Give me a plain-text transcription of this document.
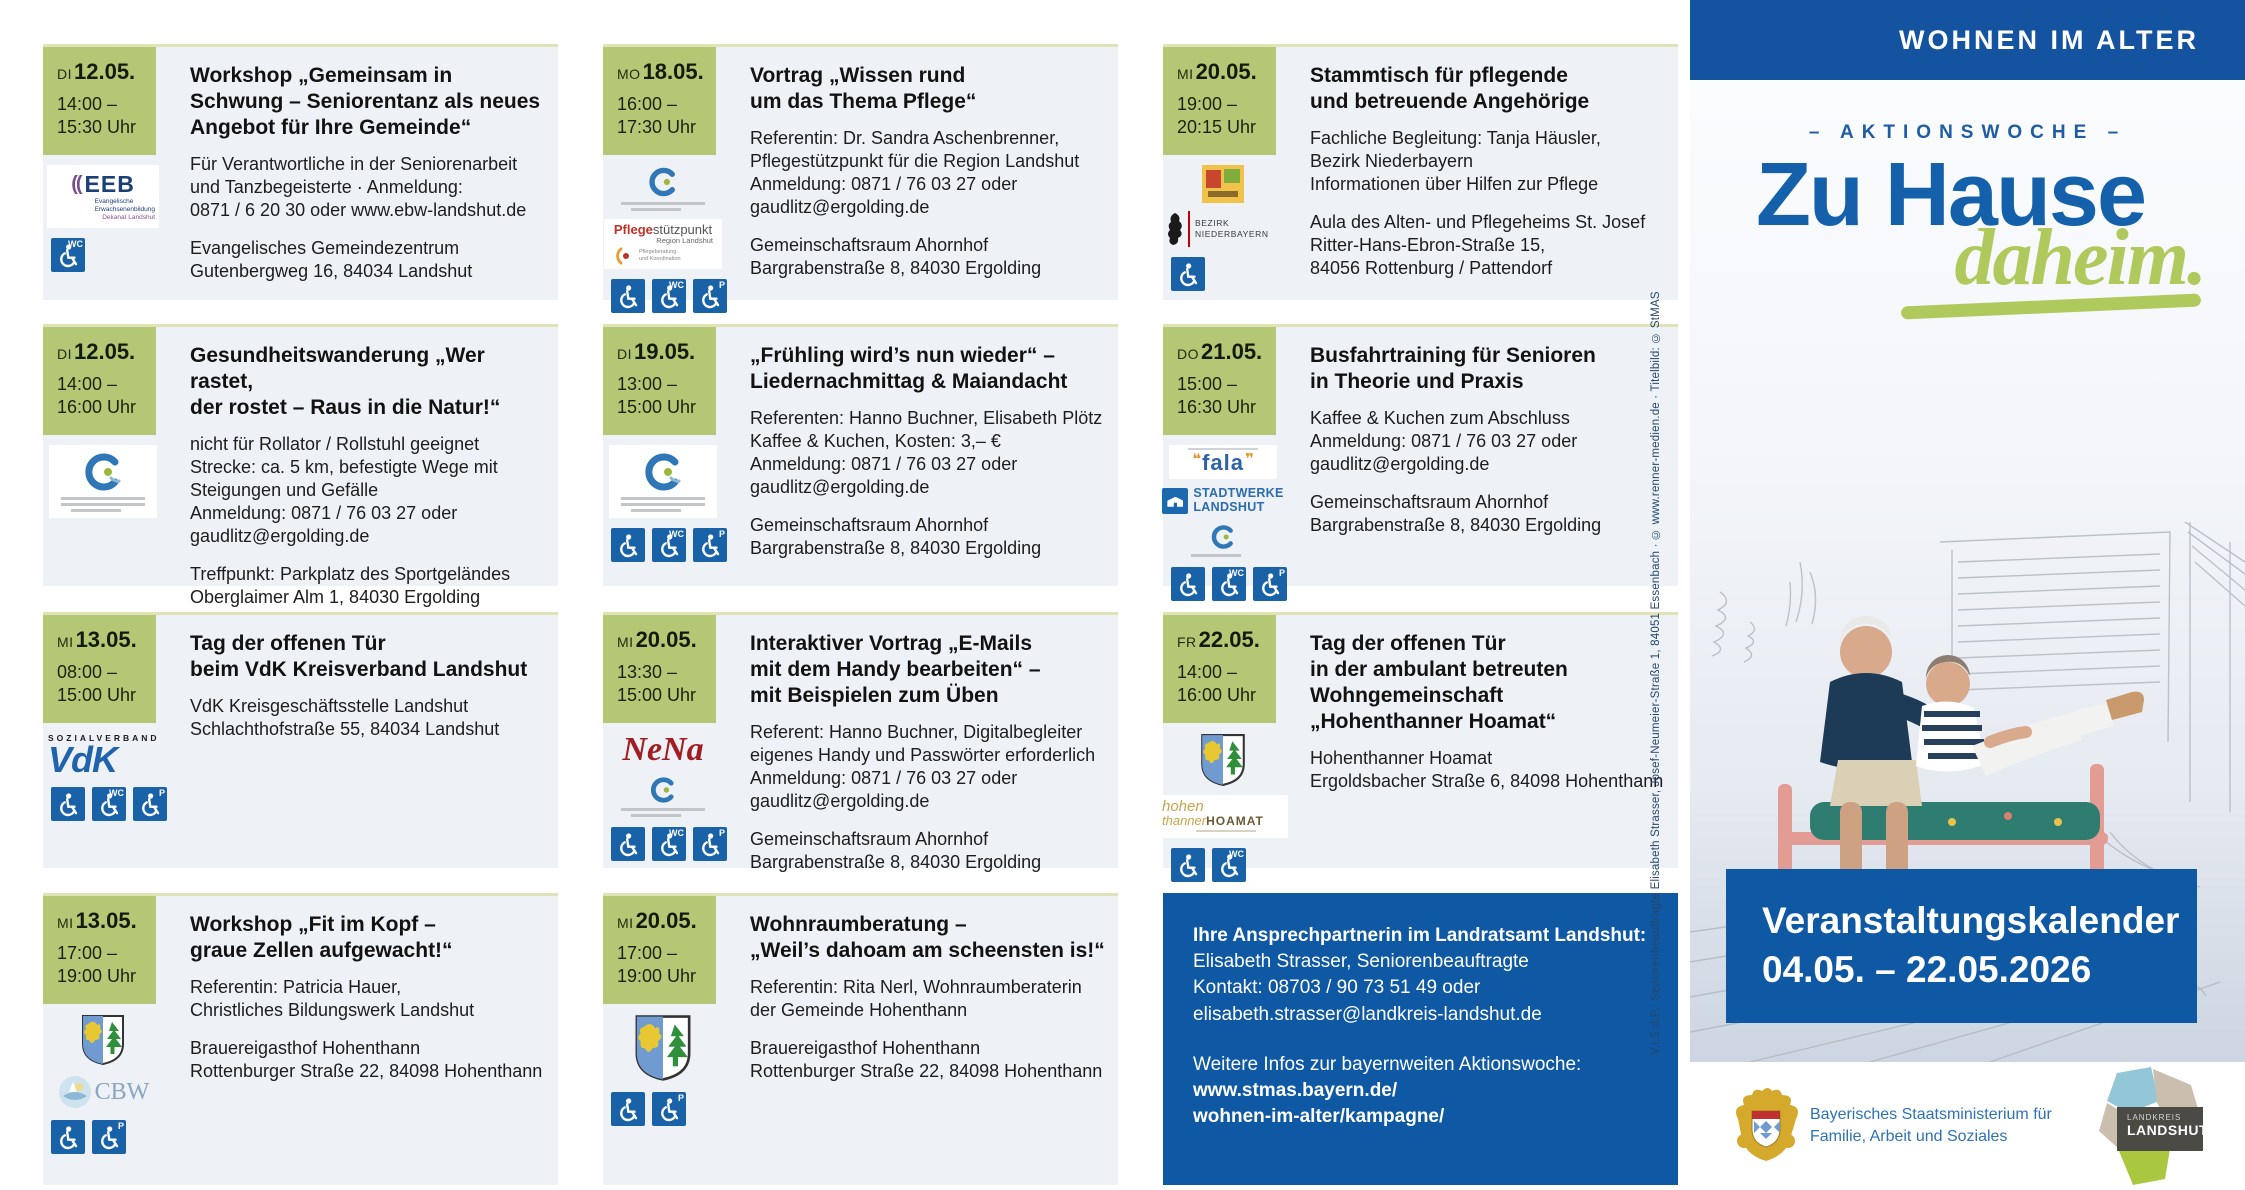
DI12.05.
14:00 –
15:30 Uhr
(( EEB
Evangelische
Erwachsenenbildung
Dekanat Landshut
WC
Workshop „Gemeinsam in
Schwung – Seniorentanz als neues
Angebot für Ihre Gemeinde“

Für Verantwortliche in der Seniorenarbeit
und Tanzbegeisterte · Anmeldung:
0871 / 6 20 30 oder www.ebw-landshut.de

Evangelisches Gemeindezentrum
Gutenbergweg 16, 84034 Landshut

DI12.05.
14:00 –
16:00 Uhr
Gesundheitswanderung „Wer rastet,
der rostet – Raus in die Natur!“

nicht für Rollator / Rollstuhl geeignet
Strecke: ca. 5 km, befestigte Wege mit
Steigungen und Gefälle
Anmeldung: 0871 / 76 03 27 oder
gaudlitz@ergolding.de

Treffpunkt: Parkplatz des Sportgeländes
Oberglaimer Alm 1, 84030 Ergolding

MI13.05.
08:00 –
15:00 Uhr
SOZIALVERBAND
VdK
WC	P
Tag der offenen Tür
beim VdK Kreisverband Landshut

VdK Kreisgeschäftsstelle Landshut
Schlachthofstraße 55, 84034 Landshut

MI13.05.
17:00 –
19:00 Uhr
CBW
P
Workshop „Fit im Kopf –
graue Zellen aufgewacht!“

Referentin: Patricia Hauer,
Christliches Bildungswerk Landshut

Brauereigasthof Hohenthann
Rottenburger Straße 22, 84098 Hohenthann

MO18.05.
16:00 –
17:30 Uhr
Pflegestützpunkt
Region Landshut
Pflegeberatung
und Koordination
WC	P
Vortrag „Wissen rund
um das Thema Pflege“

Referentin: Dr. Sandra Aschenbrenner,
Pflegestützpunkt für die Region Landshut
Anmeldung: 0871 / 76 03 27 oder
gaudlitz@ergolding.de

Gemeinschaftsraum Ahornhof
Bargrabenstraße 8, 84030 Ergolding

DI19.05.
13:00 –
15:00 Uhr
WC	P
„Frühling wird’s nun wieder“ –
Liedernachmittag & Maiandacht

Referenten: Hanno Buchner, Elisabeth Plötz
Kaffee & Kuchen, Kosten: 3,– €
Anmeldung: 0871 / 76 03 27 oder
gaudlitz@ergolding.de

Gemeinschaftsraum Ahornhof
Bargrabenstraße 8, 84030 Ergolding

MI20.05.
13:30 –
15:00 Uhr
NeNa
WC	P
Interaktiver Vortrag „E-Mails
mit dem Handy bearbeiten“ –
mit Beispielen zum Üben

Referent: Hanno Buchner, Digitalbegleiter
eigenes Handy und Passwörter erforderlich
Anmeldung: 0871 / 76 03 27 oder
gaudlitz@ergolding.de

Gemeinschaftsraum Ahornhof
Bargrabenstraße 8, 84030 Ergolding

MI20.05.
17:00 –
19:00 Uhr
P
Wohnraumberatung –
„Weil’s dahoam am scheensten is!“

Referentin: Rita Nerl, Wohnraumberaterin
der Gemeinde Hohenthann

Brauereigasthof Hohenthann
Rottenburger Straße 22, 84098 Hohenthann

MI20.05.
19:00 –
20:15 Uhr
BEZIRK
NIEDERBAYERN
Stammtisch für pflegende
und betreuende Angehörige

Fachliche Begleitung: Tanja Häusler,
Bezirk Niederbayern
Informationen über Hilfen zur Pflege

Aula des Alten- und Pflegeheims St. Josef
Ritter-Hans-Ebron-Straße 15,
84056 Rottenburg / Pattendorf

DO21.05.
15:00 –
16:30 Uhr
❝ fala ❞
STADTWERKE
LANDSHUT
WC	P
Busfahrtraining für Senioren
in Theorie und Praxis

Kaffee & Kuchen zum Abschluss
Anmeldung: 0871 / 76 03 27 oder
gaudlitz@ergolding.de

Gemeinschaftsraum Ahornhof
Bargrabenstraße 8, 84030 Ergolding

FR22.05.
14:00 –
16:00 Uhr
hohen
thannerHOAMAT
WC
Tag der offenen Tür
in der ambulant betreuten
Wohngemeinschaft
„Hohenthanner Hoamat“

Hohenthanner Hoamat
Ergoldsbacher Straße 6, 84098 Hohenthann

Ihre Ansprechpartnerin im Landratsamt Landshut:
Elisabeth Strasser, Seniorenbeauftragte
Kontakt: 08703 / 90 73 51 49 oder
elisabeth.strasser@landkreis-landshut.de
Weitere Infos zur bayernweiten Aktionswoche:
www.stmas.bayern.de/
wohnen-im-alter/kampagne/
V.i.S.d.P.: Seniorenbeauftragte Elisabeth Strasser, Josef-Neumeier-Straße 1, 84051 Essenbach · © www.renner-medien.de · Titelbild: © StMAS
WOHNEN IM ALTER
– AKTIONSWOCHE –
Zu Hause
daheim.
Veranstaltungskalender
04.05. – 22.05.2026
Bayerisches Staatsministerium für
Familie, Arbeit und Soziales
LANDKREIS
LANDSHUT
